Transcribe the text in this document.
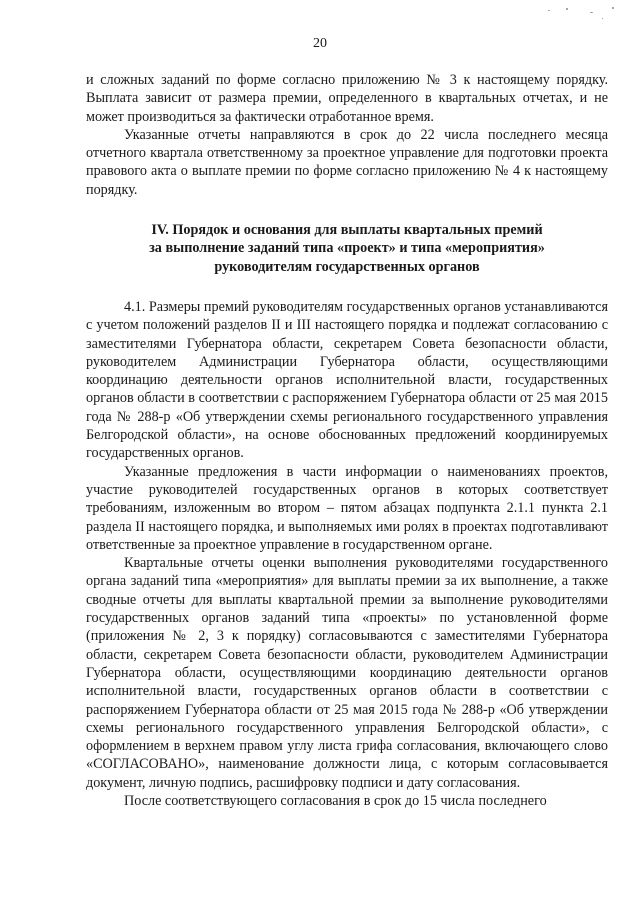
20

и сложных заданий по форме согласно приложению № 3 к настоящему порядку. Выплата зависит от размера премии, определенного в квартальных отчетах, и не может производиться за фактически отработанное время.

Указанные отчеты направляются в срок до 22 числа последнего месяца отчетного квартала ответственному за проектное управление для подготовки проекта правового акта о выплате премии по форме согласно приложению № 4 к настоящему порядку.

IV. Порядок и основания для выплаты квартальных премий
за выполнение заданий типа «проект» и типа «мероприятия»
руководителям государственных органов

4.1. Размеры премий руководителям государственных органов устанавливаются с учетом положений разделов II и III настоящего порядка и подлежат согласованию с заместителями Губернатора области, секретарем Совета безопасности области, руководителем Администрации Губернатора области, осуществляющими координацию деятельности органов исполнительной власти, государственных органов области в соответствии с распоряжением Губернатора области от 25 мая 2015 года № 288-р «Об утверждении схемы регионального государственного управления Белгородской области», на основе обоснованных предложений координируемых государственных органов.

Указанные предложения в части информации о наименованиях проектов, участие руководителей государственных органов в которых соответствует требованиям, изложенным во втором – пятом абзацах подпункта 2.1.1 пункта 2.1 раздела II настоящего порядка, и выполняемых ими ролях в проектах подготавливают ответственные за проектное управление в государственном органе.

Квартальные отчеты оценки выполнения руководителями государственного органа заданий типа «мероприятия» для выплаты премии за их выполнение, а также сводные отчеты для выплаты квартальной премии за выполнение руководителями государственных органов заданий типа «проекты» по установленной форме (приложения № 2, 3 к порядку) согласовываются с заместителями Губернатора области, секретарем Совета безопасности области, руководителем Администрации Губернатора области, осуществляющими координацию деятельности органов исполнительной власти, государственных органов области в соответствии с распоряжением Губернатора области от 25 мая 2015 года № 288-р «Об утверждении схемы регионального государственного управления Белгородской области», с оформлением в верхнем правом углу листа грифа согласования, включающего слово «СОГЛАСОВАНО», наименование должности лица, с которым согласовывается документ, личную подпись, расшифровку подписи и дату согласования.

После соответствующего согласования в срок до 15 числа последнего
